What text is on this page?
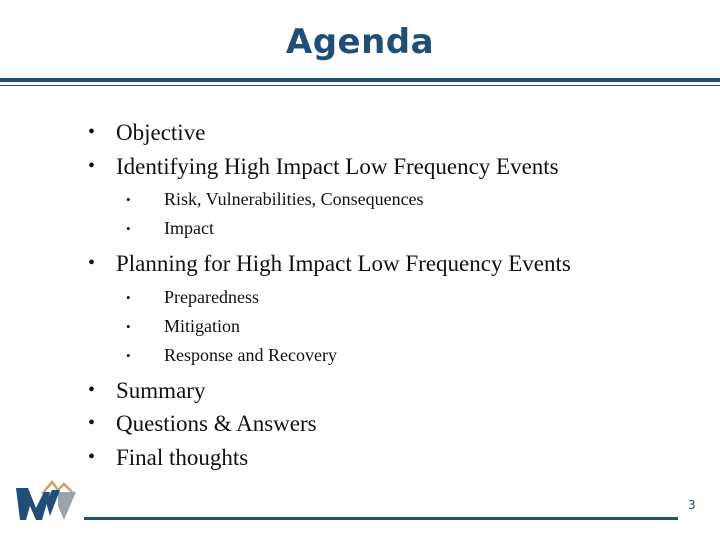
Agenda
• Objective
• Identifying High Impact Low Frequency Events
• Risk, Vulnerabilities, Consequences
• Impact
• Planning for High Impact Low Frequency Events
• Preparedness
• Mitigation
• Response and Recovery
• Summary
• Questions & Answers
• Final thoughts
3
